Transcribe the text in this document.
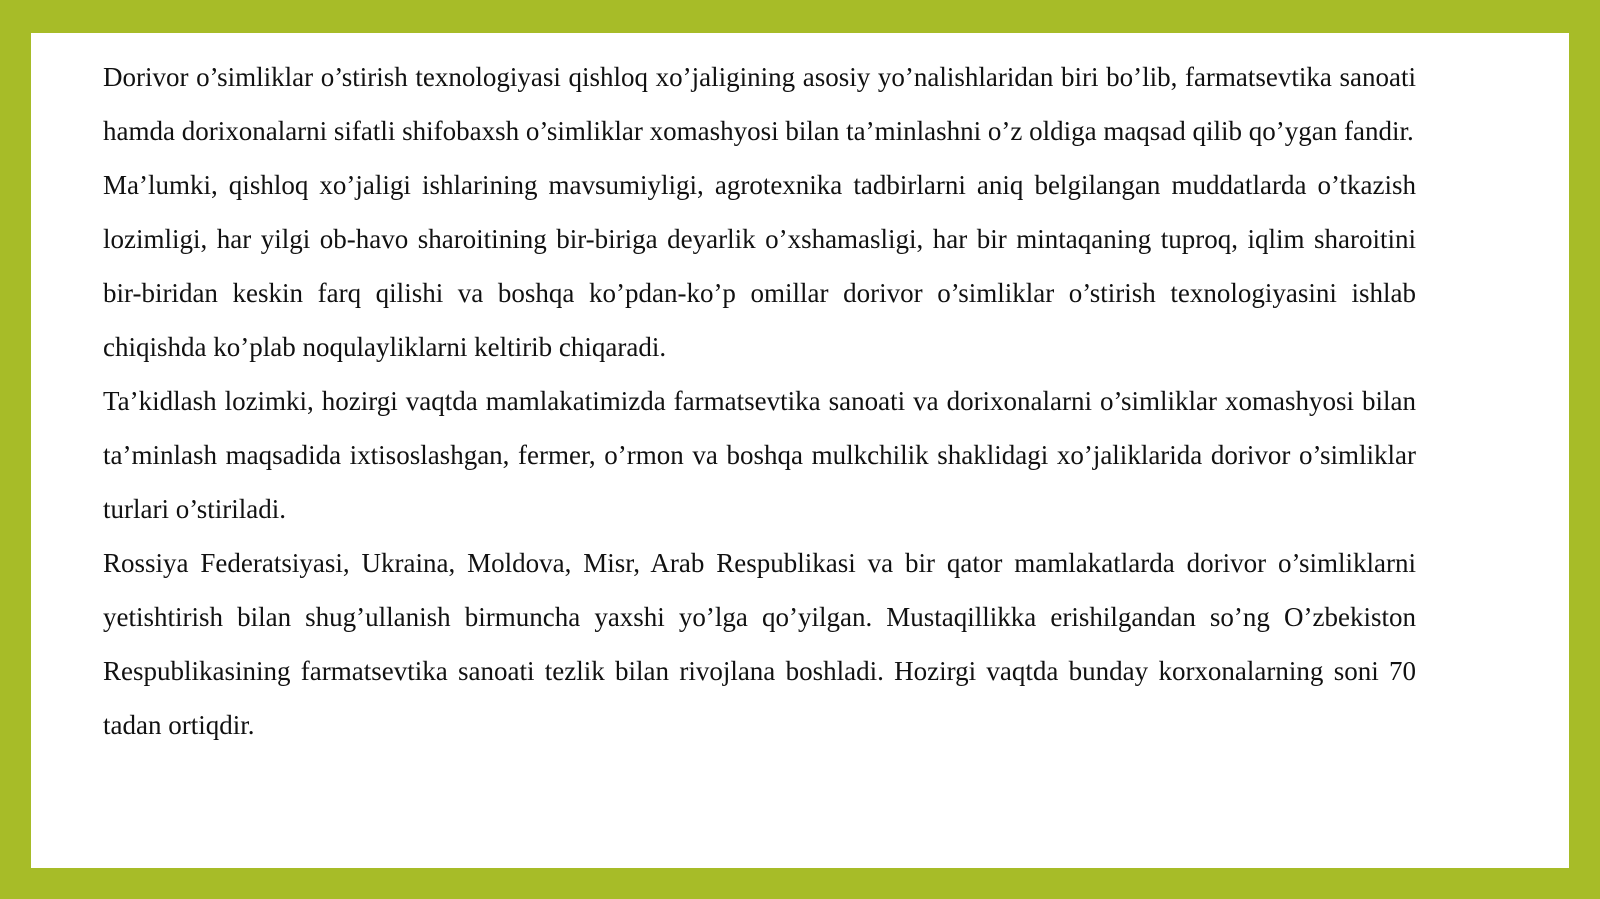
Dorivor o’simliklar o’stirish texnologiyasi qishloq xo’jaligining asosiy yo’nalishlaridan biri bo’lib, farmatsevtika sanoati hamda dorixonalarni sifatli shifobaxsh o’simliklar xomashyosi bilan ta’minlashni o’z oldiga maqsad qilib qo’ygan fandir.

Ma’lumki, qishloq xo’jaligi ishlarining mavsumiyligi, agrotexnika tadbirlarni aniq belgilangan muddatlarda o’tkazish lozimligi, har yilgi ob-havo sharoitining bir-biriga deyarlik o’xshamasligi, har bir mintaqaning tuproq, iqlim sharoitini bir-biridan keskin farq qilishi va boshqa ko’pdan-ko’p omillar dorivor o’simliklar o’stirish texnologiyasini ishlab chiqishda ko’plab noqulayliklarni keltirib chiqaradi.

Ta’kidlash lozimki, hozirgi vaqtda mamlakatimizda farmatsevtika sanoati va dorixonalarni o’simliklar xomashyosi bilan ta’minlash maqsadida ixtisoslashgan, fermer, o’rmon va boshqa mulkchilik shaklidagi xo’jaliklarida dorivor o’simliklar turlari o’stiriladi.

Rossiya Federatsiyasi, Ukraina, Moldova, Misr, Arab Respublikasi va bir qator mamlakatlarda dorivor o’simliklarni yetishtirish bilan shug’ullanish birmuncha yaxshi yo’lga qo’yilgan. Mustaqillikka erishilgandan so’ng O’zbekiston Respublikasining farmatsevtika sanoati tezlik bilan rivojlana boshladi. Hozirgi vaqtda bunday korxonalarning soni 70 tadan ortiqdir.
